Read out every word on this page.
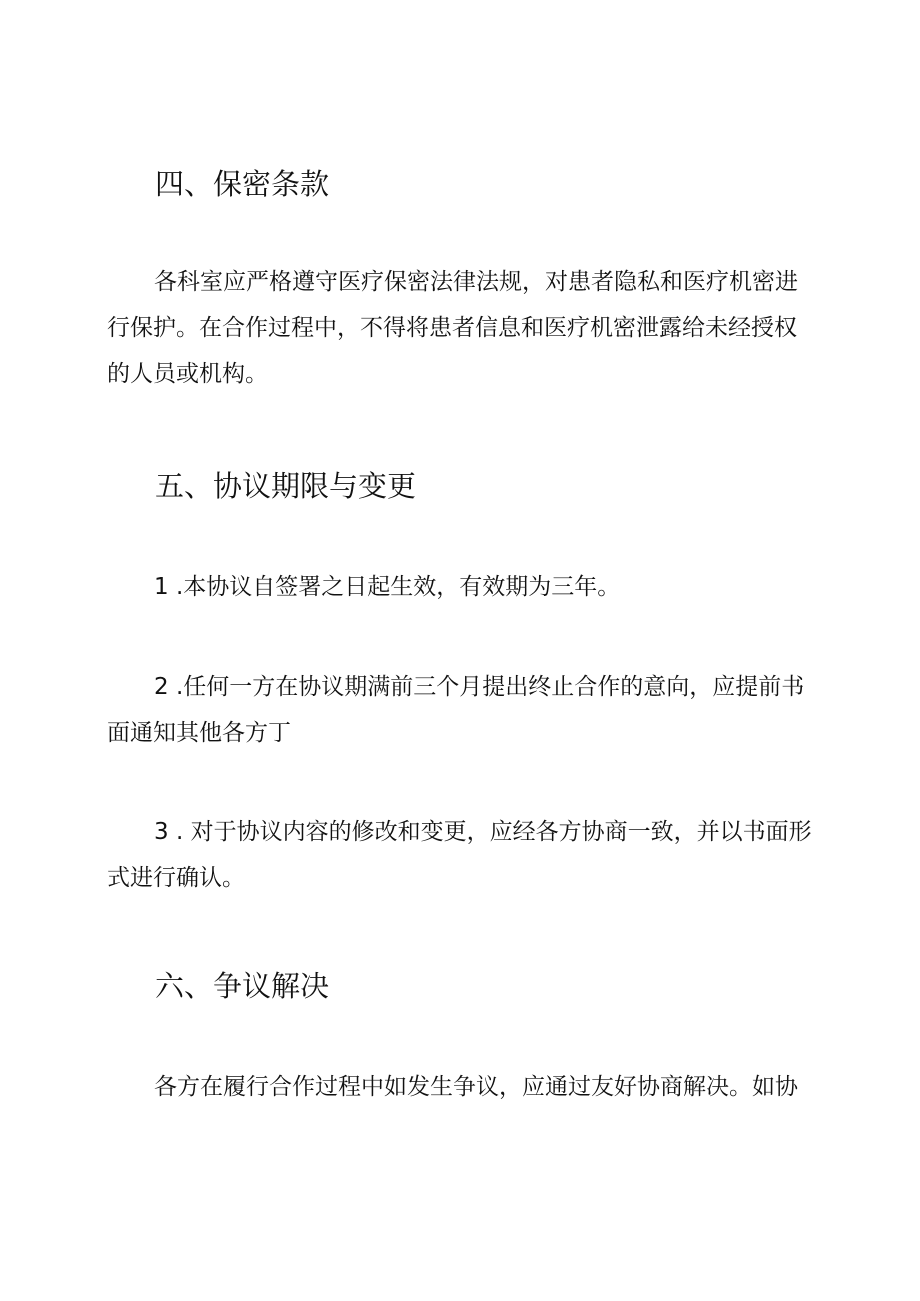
四、保密条款
各科室应严格遵守医疗保密法律法规，对患者隐私和医疗机密进
行保护。在合作过程中，不得将患者信息和医疗机密泄露给未经授权
的人员或机构。
五、协议期限与变更
1 .本协议自签署之日起生效，有效期为三年。
2 .任何一方在协议期满前三个月提出终止合作的意向，应提前书
面通知其他各方丁
3 . 对于协议内容的修改和变更，应经各方协商一致，并以书面形
式进行确认。
六、争议解决
各方在履行合作过程中如发生争议，应通过友好协商解决。如协
